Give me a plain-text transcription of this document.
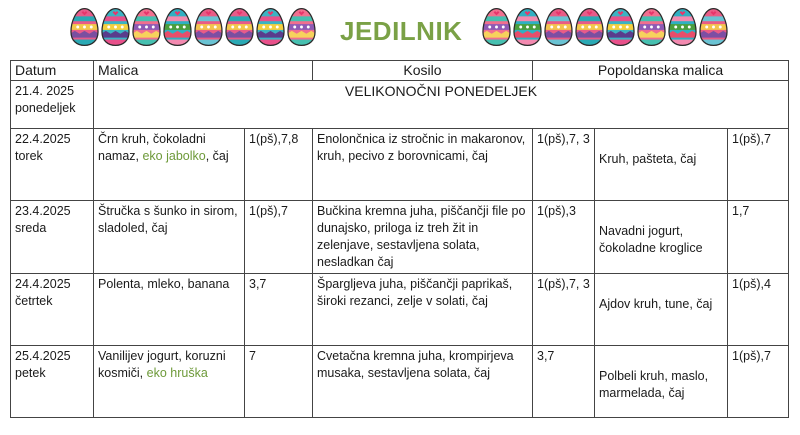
JEDILNIK
Datum	Malica		Kosilo	Popoldanska malica		

21.4. 2025
ponedeljek	VELIKONOČNI PONEDELJEK					

22.4.2025
torek	Črn kruh, čokoladni namaz, eko jabolko, čaj	1(pš),7,8	Enolončnica iz stročnic in makaronov, kruh, pecivo z borovnicami, čaj	1(pš),7, 3	Kruh, pašteta, čaj	1(pš),7

23.4.2025
sreda	Štručka s šunko in sirom, sladoled, čaj	1(pš),7	Bučkina kremna juha, piščančji file po dunajsko, priloga iz treh žit in zelenjave, sestavljena solata, nesladkan čaj	1(pš),3	Navadni jogurt, čokoladne kroglice	1,7

24.4.2025
četrtek	Polenta, mleko, banana	3,7	Špargljeva juha, piščančji paprikaš, široki rezanci, zelje v solati, čaj	1(pš),7, 3	Ajdov kruh, tune, čaj	1(pš),4

25.4.2025
petek	Vanilijev jogurt, koruzni kosmiči, eko hruška	7	Cvetačna kremna juha, krompirjeva musaka, sestavljena solata, čaj	3,7	Polbeli kruh, maslo, marmelada, čaj	1(pš),7
